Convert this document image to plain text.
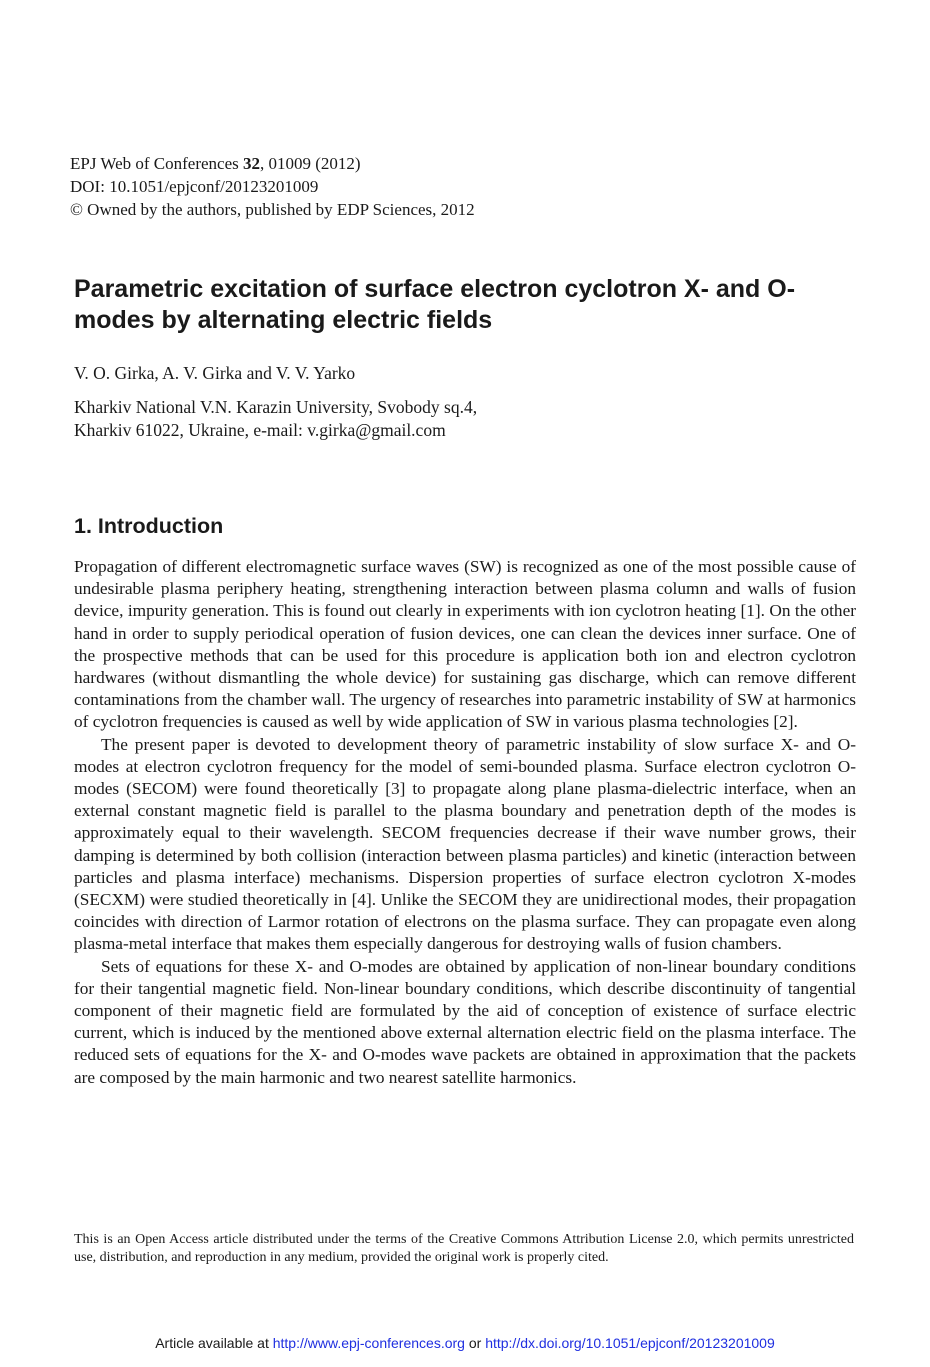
EPJ Web of Conferences 32, 01009 (2012)
DOI: 10.1051/epjconf/20123201009
© Owned by the authors, published by EDP Sciences, 2012
Parametric excitation of surface electron cyclotron X- and O-modes by alternating electric fields
V. O. Girka, A. V. Girka and V. V. Yarko
Kharkiv National V.N. Karazin University, Svobody sq.4,
Kharkiv 61022, Ukraine, e-mail: v.girka@gmail.com
1. Introduction

Propagation of different electromagnetic surface waves (SW) is recognized as one of the most possible cause of undesirable plasma periphery heating, strengthening interaction between plasma column and walls of fusion device, impurity generation. This is found out clearly in experiments with ion cyclotron heating [1]. On the other hand in order to supply periodical operation of fusion devices, one can clean the devices inner surface. One of the prospective methods that can be used for this procedure is application both ion and electron cyclotron hardwares (without dismantling the whole device) for sustaining gas discharge, which can remove different contaminations from the chamber wall. The urgency of researches into parametric instability of SW at harmonics of cyclotron frequencies is caused as well by wide application of SW in various plasma technologies [2].

The present paper is devoted to development theory of parametric instability of slow surface X- and O-modes at electron cyclotron frequency for the model of semi-bounded plasma. Surface electron cyclotron O-modes (SECOM) were found theoretically [3] to propagate along plane plasma-dielectric interface, when an external constant magnetic field is parallel to the plasma boundary and penetration depth of the modes is approximately equal to their wavelength. SECOM frequencies decrease if their wave number grows, their damping is determined by both collision (interaction between plasma particles) and kinetic (interaction between particles and plasma interface) mechanisms. Dispersion properties of surface electron cyclotron X-modes (SECXM) were studied theoretically in [4]. Unlike the SECOM they are unidirectional modes, their propagation coincides with direction of Larmor rotation of electrons on the plasma surface. They can propagate even along plasma-metal interface that makes them especially dangerous for destroying walls of fusion chambers.

Sets of equations for these X- and O-modes are obtained by application of non-linear boundary conditions for their tangential magnetic field. Non-linear boundary conditions, which describe discontinuity of tangential component of their magnetic field are formulated by the aid of conception of existence of surface electric current, which is induced by the mentioned above external alternation electric field on the plasma interface. The reduced sets of equations for the X- and O-modes wave packets are obtained in approximation that the packets are composed by the main harmonic and two nearest satellite harmonics.

This is an Open Access article distributed under the terms of the Creative Commons Attribution License 2.0, which permits unrestricted use, distribution, and reproduction in any medium, provided the original work is properly cited.

Article available at http://www.epj-conferences.org or http://dx.doi.org/10.1051/epjconf/20123201009
